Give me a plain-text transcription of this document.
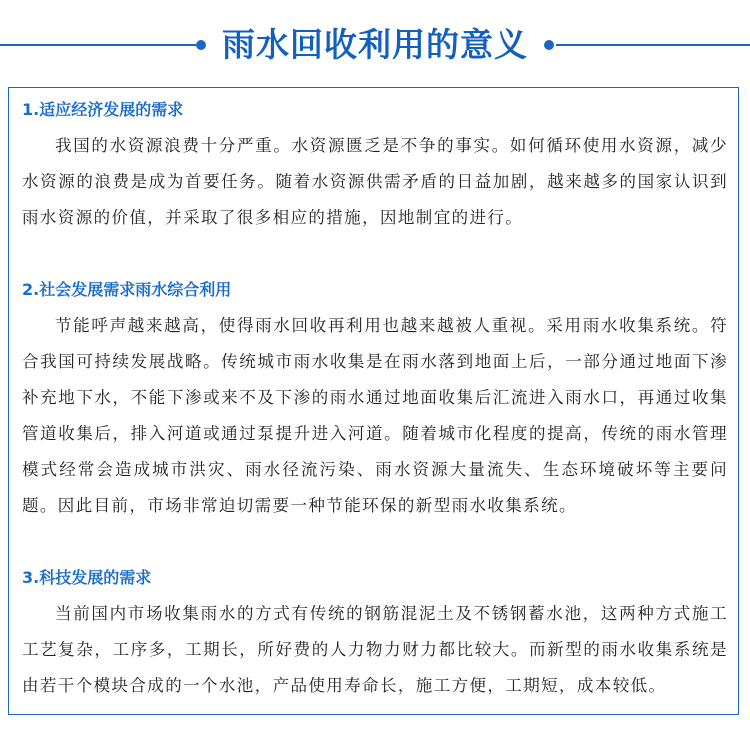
雨水回收利用的意义
1.适应经济发展的需求
我国的水资源浪费十分严重。水资源匮乏是不争的事实。如何循环使用水资源，减少水资源的浪费是成为首要任务。随着水资源供需矛盾的日益加剧，越来越多的国家认识到雨水资源的价值，并采取了很多相应的措施，因地制宜的进行。
2.社会发展需求雨水综合利用
节能呼声越来越高，使得雨水回收再利用也越来越被人重视。采用雨水收集系统。符合我国可持续发展战略。传统城市雨水收集是在雨水落到地面上后，一部分通过地面下渗补充地下水，不能下渗或来不及下渗的雨水通过地面收集后汇流进入雨水口，再通过收集管道收集后，排入河道或通过泵提升进入河道。随着城市化程度的提高，传统的雨水管理模式经常会造成城市洪灾、雨水径流污染、雨水资源大量流失、生态环境破坏等主要问题。因此目前，市场非常迫切需要一种节能环保的新型雨水收集系统。
3.科技发展的需求
当前国内市场收集雨水的方式有传统的钢筋混泥土及不锈钢蓄水池，这两种方式施工工艺复杂，工序多，工期长，所好费的人力物力财力都比较大。而新型的雨水收集系统是由若干个模块合成的一个水池，产品使用寿命长，施工方便，工期短，成本较低。
